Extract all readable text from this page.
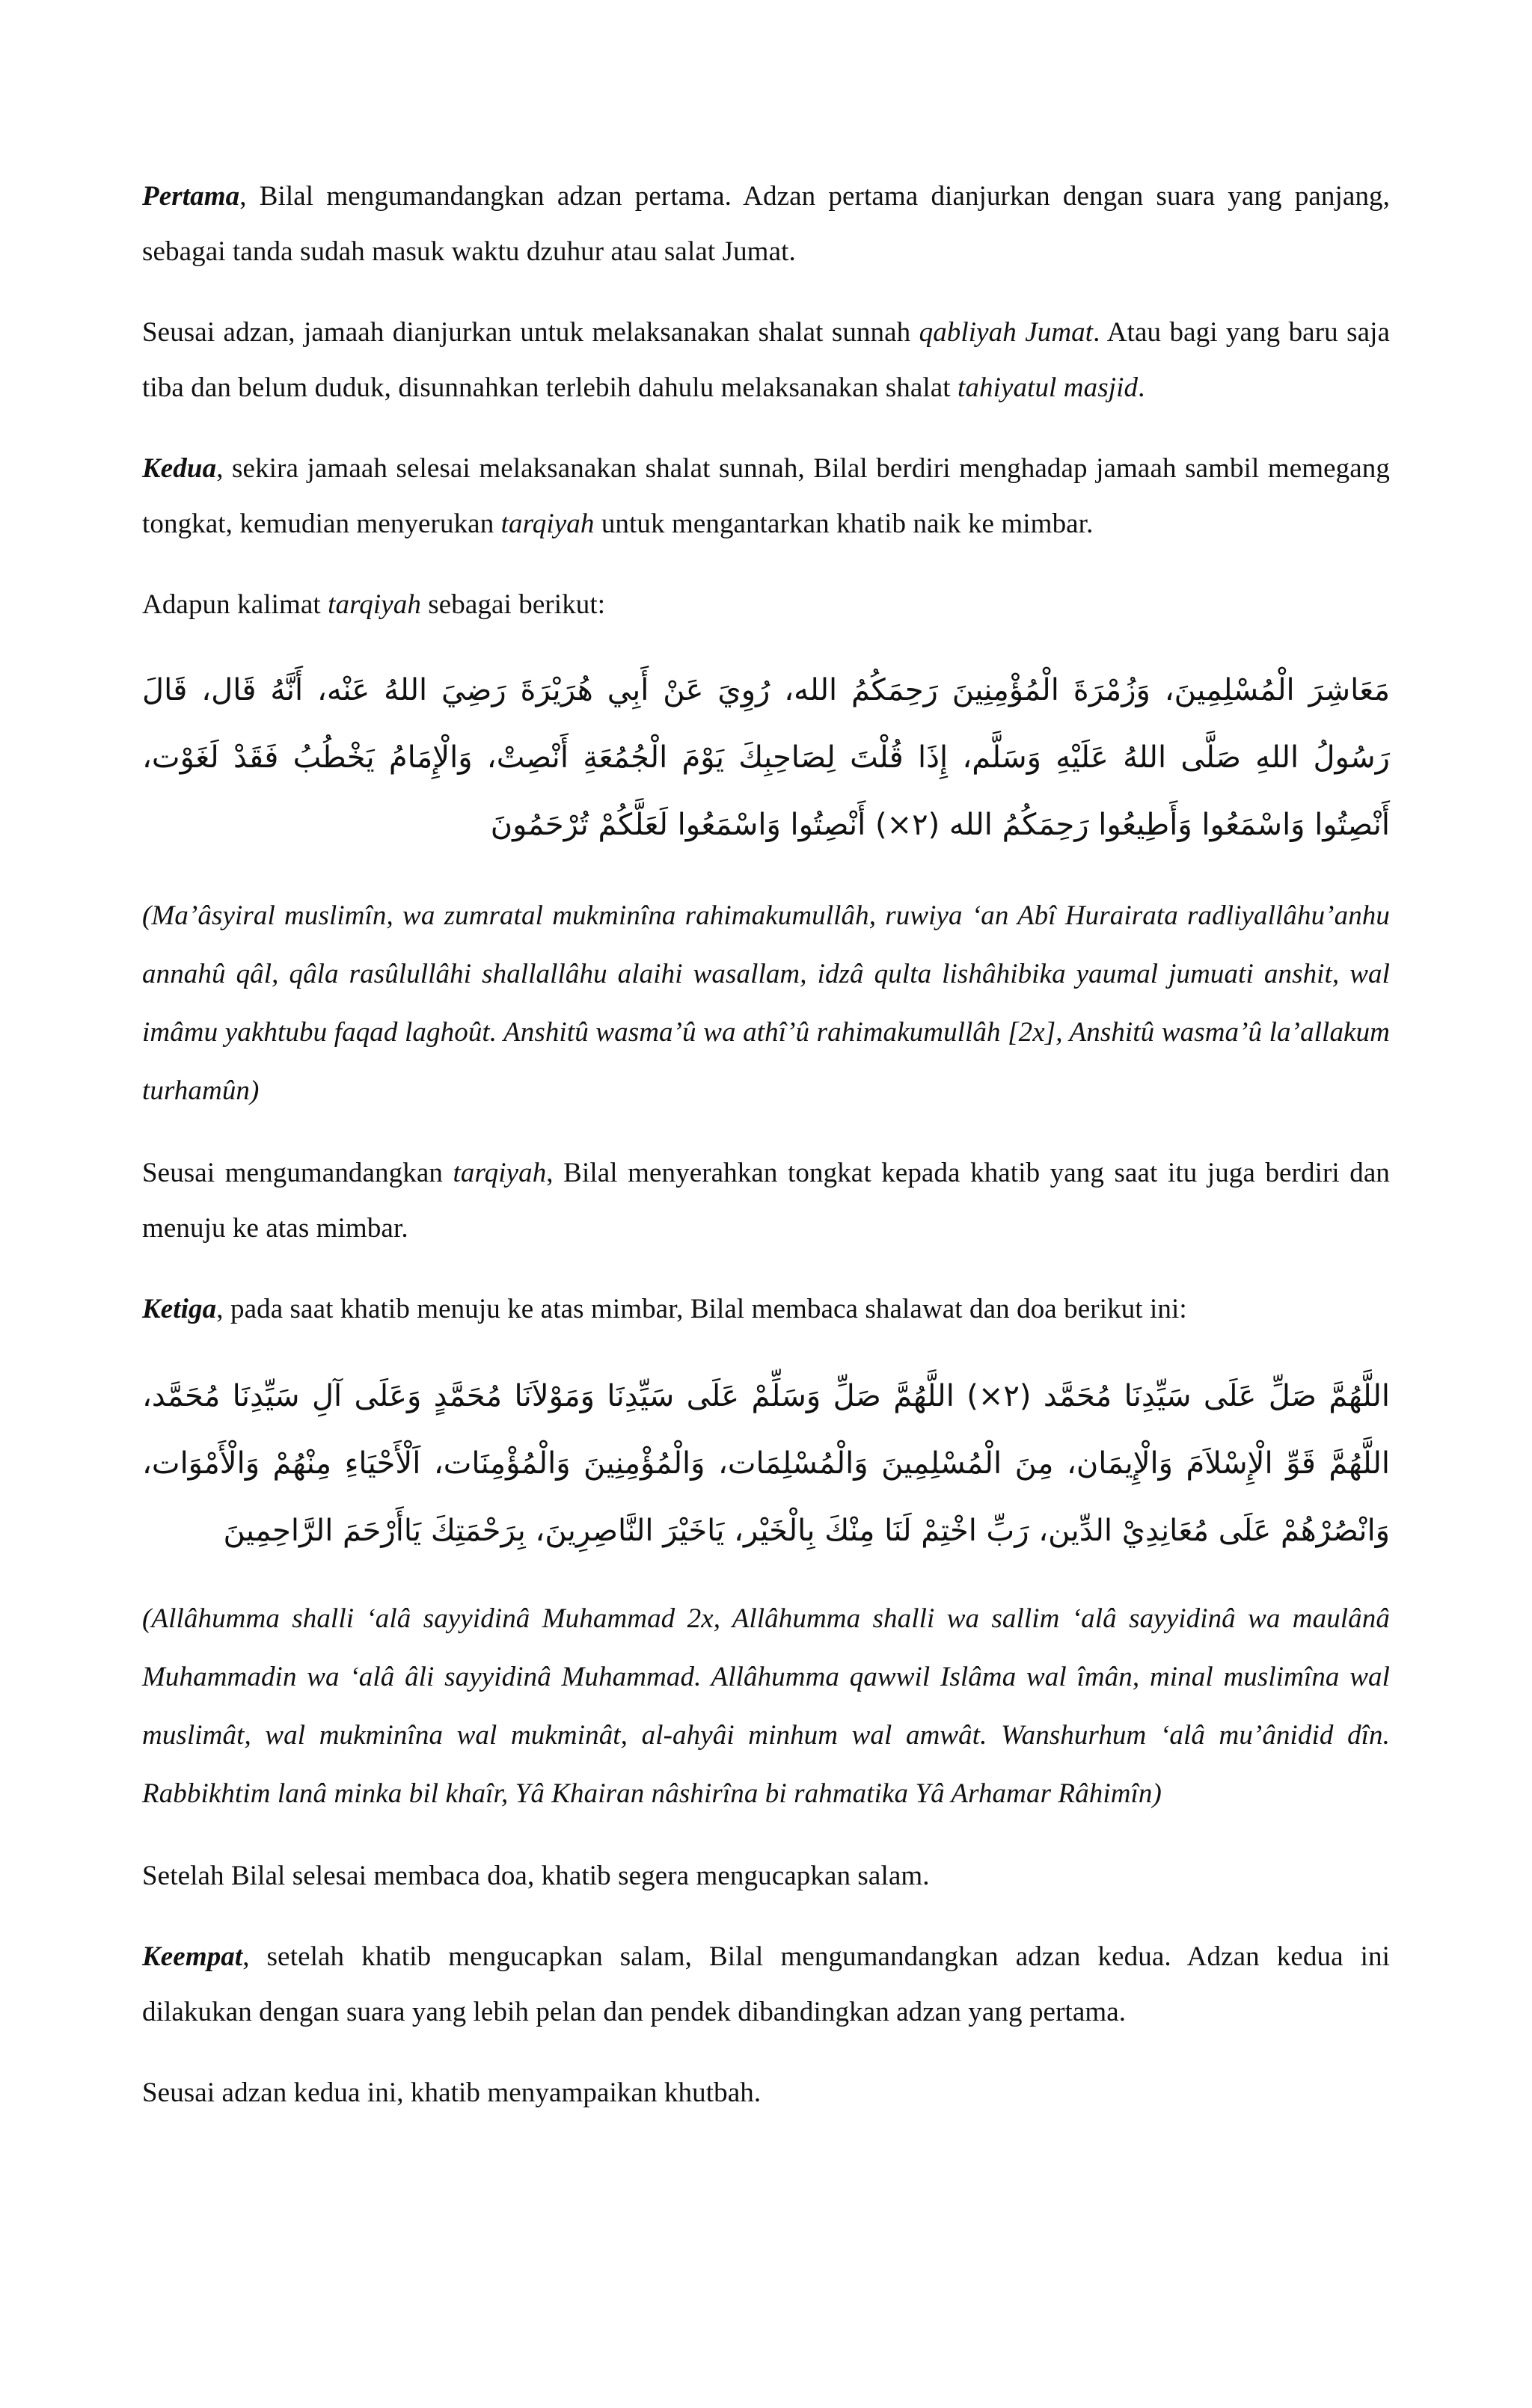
Pertama, Bilal mengumandangkan adzan pertama. Adzan pertama dianjurkan dengan suara yang panjang, sebagai tanda sudah masuk waktu dzuhur atau salat Jumat.

Seusai adzan, jamaah dianjurkan untuk melaksanakan shalat sunnah qabliyah Jumat. Atau bagi yang baru saja tiba dan belum duduk, disunnahkan terlebih dahulu melaksanakan shalat tahiyatul masjid.

Kedua, sekira jamaah selesai melaksanakan shalat sunnah, Bilal berdiri menghadap jamaah sambil memegang tongkat, kemudian menyerukan tarqiyah untuk mengantarkan khatib naik ke mimbar.

Adapun kalimat tarqiyah sebagai berikut:

مَعَاشِرَ الْمُسْلِمِينَ، وَزُمْرَةَ الْمُؤْمِنِينَ رَحِمَكُمُ الله، رُوِيَ عَنْ أَبِي هُرَيْرَةَ رَضِيَ اللهُ عَنْه، أَنَّهُ قَال، قَالَ رَسُولُ اللهِ صَلَّى اللهُ عَلَيْهِ وَسَلَّم، إِذَا قُلْتَ لِصَاحِبِكَ يَوْمَ الْجُمُعَةِ أَنْصِتْ، وَالْإِمَامُ يَخْطُبُ فَقَدْ لَغَوْت، أَنْصِتُوا وَاسْمَعُوا وَأَطِيعُوا رَحِمَكُمُ الله (٢×) أَنْصِتُوا وَاسْمَعُوا لَعَلَّكُمْ تُرْحَمُونَ

(Ma’âsyiral muslimîn, wa zumratal mukminîna rahimakumullâh, ruwiya ‘an Abî Hurairata radliyallâhu’anhu annahû qâl, qâla rasûlullâhi shallallâhu alaihi wasallam, idzâ qulta lishâhibika yaumal jumuati anshit, wal imâmu yakhtubu faqad laghoût. Anshitû wasma’û wa athî’û rahimakumullâh [2x], Anshitû wasma’û la’allakum turhamûn)

Seusai mengumandangkan tarqiyah, Bilal menyerahkan tongkat kepada khatib yang saat itu juga berdiri dan menuju ke atas mimbar.

Ketiga, pada saat khatib menuju ke atas mimbar, Bilal membaca shalawat dan doa berikut ini:

اللَّهُمَّ صَلِّ عَلَى سَيِّدِنَا مُحَمَّد (٢×) اللَّهُمَّ صَلِّ وَسَلِّمْ عَلَى سَيِّدِنَا وَمَوْلاَنَا مُحَمَّدٍ وَعَلَى آلِ سَيِّدِنَا مُحَمَّد، اللَّهُمَّ قَوِّ الْإِسْلاَمَ وَالْإِيمَان، مِنَ الْمُسْلِمِينَ وَالْمُسْلِمَات، وَالْمُؤْمِنِينَ وَالْمُؤْمِنَات، اَلْأَحْيَاءِ مِنْهُمْ وَالْأَمْوَات، وَانْصُرْهُمْ عَلَى مُعَانِدِيْ الدِّين، رَبِّ اخْتِمْ لَنَا مِنْكَ بِالْخَيْر، يَاخَيْرَ النَّاصِرِينَ، بِرَحْمَتِكَ يَاأَرْحَمَ الرَّاحِمِينَ

(Allâhumma shalli ‘alâ sayyidinâ Muhammad 2x, Allâhumma shalli wa sallim ‘alâ sayyidinâ wa maulânâ Muhammadin wa ‘alâ âli sayyidinâ Muhammad. Allâhumma qawwil Islâma wal îmân, minal muslimîna wal muslimât, wal mukminîna wal mukminât, al-ahyâi minhum wal amwât. Wanshurhum ‘alâ mu’ânidid dîn. Rabbikhtim lanâ minka bil khaîr, Yâ Khairan nâshirîna bi rahmatika Yâ Arhamar Râhimîn)

Setelah Bilal selesai membaca doa, khatib segera mengucapkan salam.

Keempat, setelah khatib mengucapkan salam, Bilal mengumandangkan adzan kedua. Adzan kedua ini dilakukan dengan suara yang lebih pelan dan pendek dibandingkan adzan yang pertama.

Seusai adzan kedua ini, khatib menyampaikan khutbah.
